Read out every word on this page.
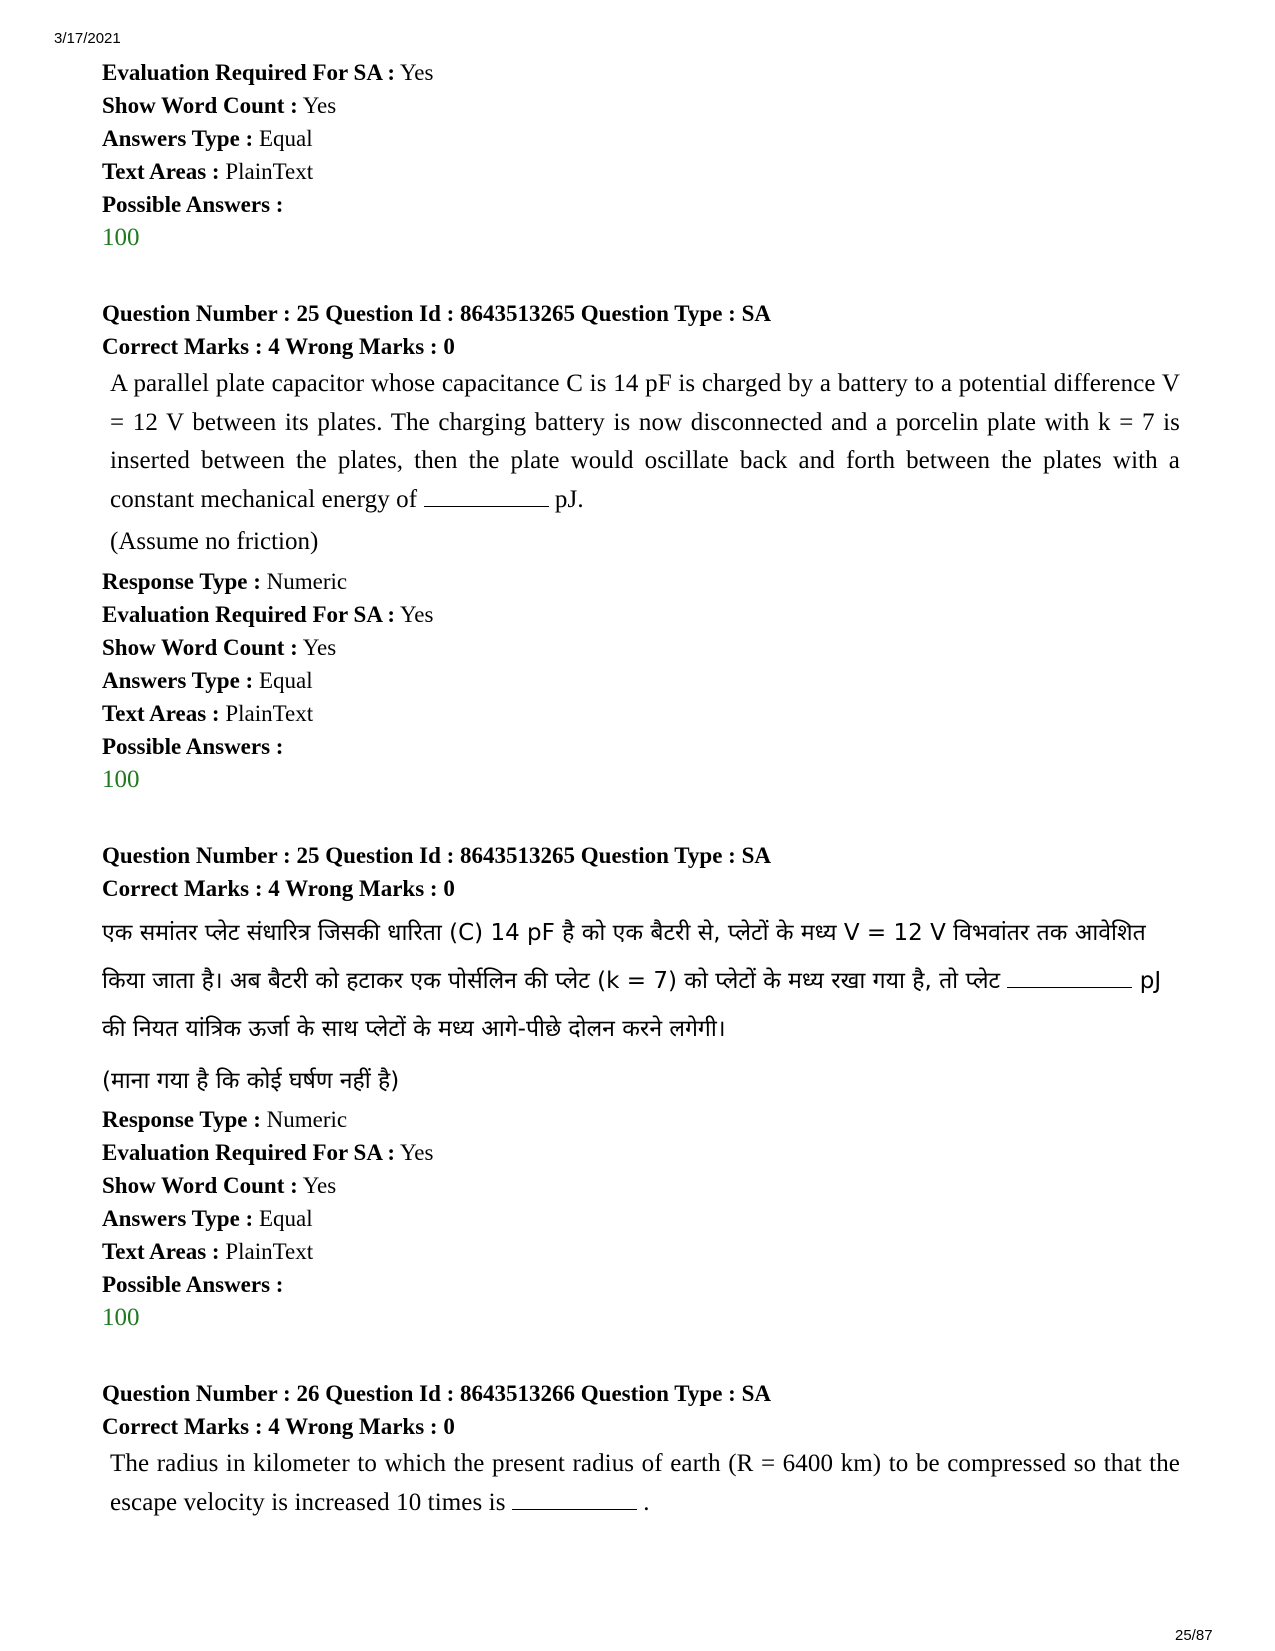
3/17/2021
Evaluation Required For SA : Yes
Show Word Count : Yes
Answers Type : Equal
Text Areas : PlainText
Possible Answers :
100
Question Number : 25 Question Id : 8643513265 Question Type : SA
Correct Marks : 4 Wrong Marks : 0
A parallel plate capacitor whose capacitance C is 14 pF is charged by a battery to a potential difference V = 12 V between its plates. The charging battery is now disconnected and a porcelin plate with k = 7 is inserted between the plates, then the plate would oscillate back and forth between the plates with a constant mechanical energy of	pJ.
(Assume no friction)
Response Type : Numeric
Evaluation Required For SA : Yes
Show Word Count : Yes
Answers Type : Equal
Text Areas : PlainText
Possible Answers :
100
Question Number : 25 Question Id : 8643513265 Question Type : SA
Correct Marks : 4 Wrong Marks : 0
एक समांतर प्लेट संधारित्र जिसकी धारिता (C) 14 pF है को एक बैटरी से, प्लेटों के मध्य V = 12 V विभवांतर तक आवेशित किया जाता है। अब बैटरी को हटाकर एक पोर्सलिन की प्लेट (k = 7) को प्लेटों के मध्य रखा गया है, तो प्लेट	pJ की नियत यांत्रिक ऊर्जा के साथ प्लेटों के मध्य आगे-पीछे दोलन करने लगेगी।
(माना गया है कि कोई घर्षण नहीं है)
Response Type : Numeric
Evaluation Required For SA : Yes
Show Word Count : Yes
Answers Type : Equal
Text Areas : PlainText
Possible Answers :
100
Question Number : 26 Question Id : 8643513266 Question Type : SA
Correct Marks : 4 Wrong Marks : 0
The radius in kilometer to which the present radius of earth (R = 6400 km) to be compressed so that the escape velocity is increased 10 times is	.
25/87
